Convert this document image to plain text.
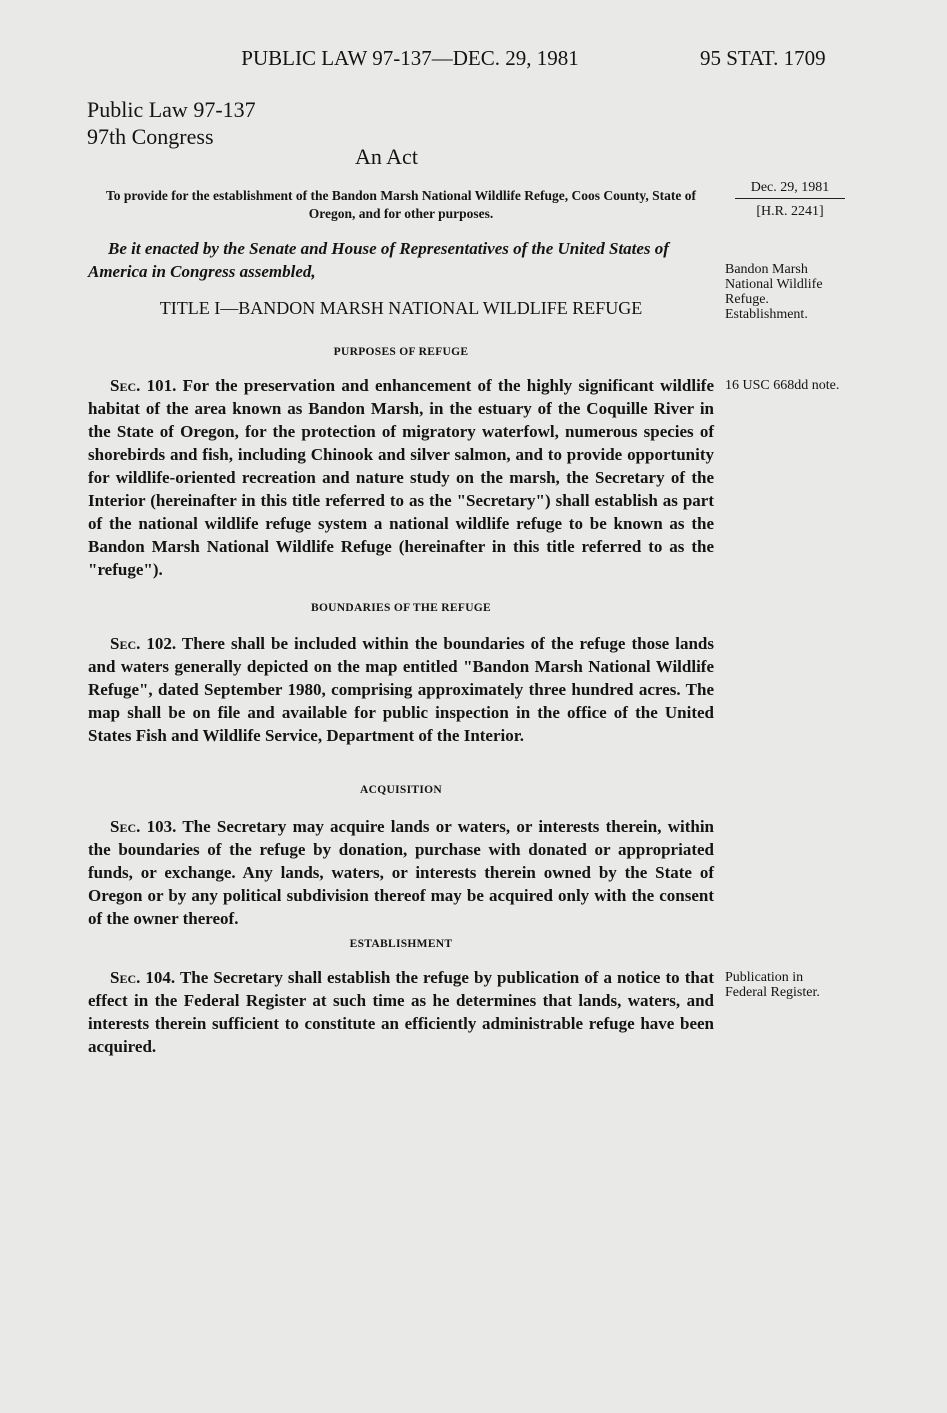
PUBLIC LAW 97-137—DEC. 29, 1981	95 STAT. 1709
Public Law 97-137
97th Congress
An Act
Dec. 29, 1981
[H.R. 2241]
To provide for the establishment of the Bandon Marsh National Wildlife Refuge, Coos County, State of Oregon, and for other purposes.
Be it enacted by the Senate and House of Representatives of the United States of America in Congress assembled,	Bandon Marsh National Wildlife Refuge. Establishment.
TITLE I—BANDON MARSH NATIONAL WILDLIFE REFUGE
PURPOSES OF REFUGE
Sec. 101. For the preservation and enhancement of the highly significant wildlife habitat of the area known as Bandon Marsh, in the estuary of the Coquille River in the State of Oregon, for the protection of migratory waterfowl, numerous species of shorebirds and fish, including Chinook and silver salmon, and to provide opportunity for wildlife-oriented recreation and nature study on the marsh, the Secretary of the Interior (hereinafter in this title referred to as the "Secretary") shall establish as part of the national wildlife refuge system a national wildlife refuge to be known as the Bandon Marsh National Wildlife Refuge (hereinafter in this title referred to as the "refuge").
16 USC 668dd note.
BOUNDARIES OF THE REFUGE
Sec. 102. There shall be included within the boundaries of the refuge those lands and waters generally depicted on the map entitled "Bandon Marsh National Wildlife Refuge", dated September 1980, comprising approximately three hundred acres. The map shall be on file and available for public inspection in the office of the United States Fish and Wildlife Service, Department of the Interior.
ACQUISITION
Sec. 103. The Secretary may acquire lands or waters, or interests therein, within the boundaries of the refuge by donation, purchase with donated or appropriated funds, or exchange. Any lands, waters, or interests therein owned by the State of Oregon or by any political subdivision thereof may be acquired only with the consent of the owner thereof.
ESTABLISHMENT
Sec. 104. The Secretary shall establish the refuge by publication of a notice to that effect in the Federal Register at such time as he determines that lands, waters, and interests therein sufficient to constitute an efficiently administrable refuge have been acquired.
Publication in Federal Register.
